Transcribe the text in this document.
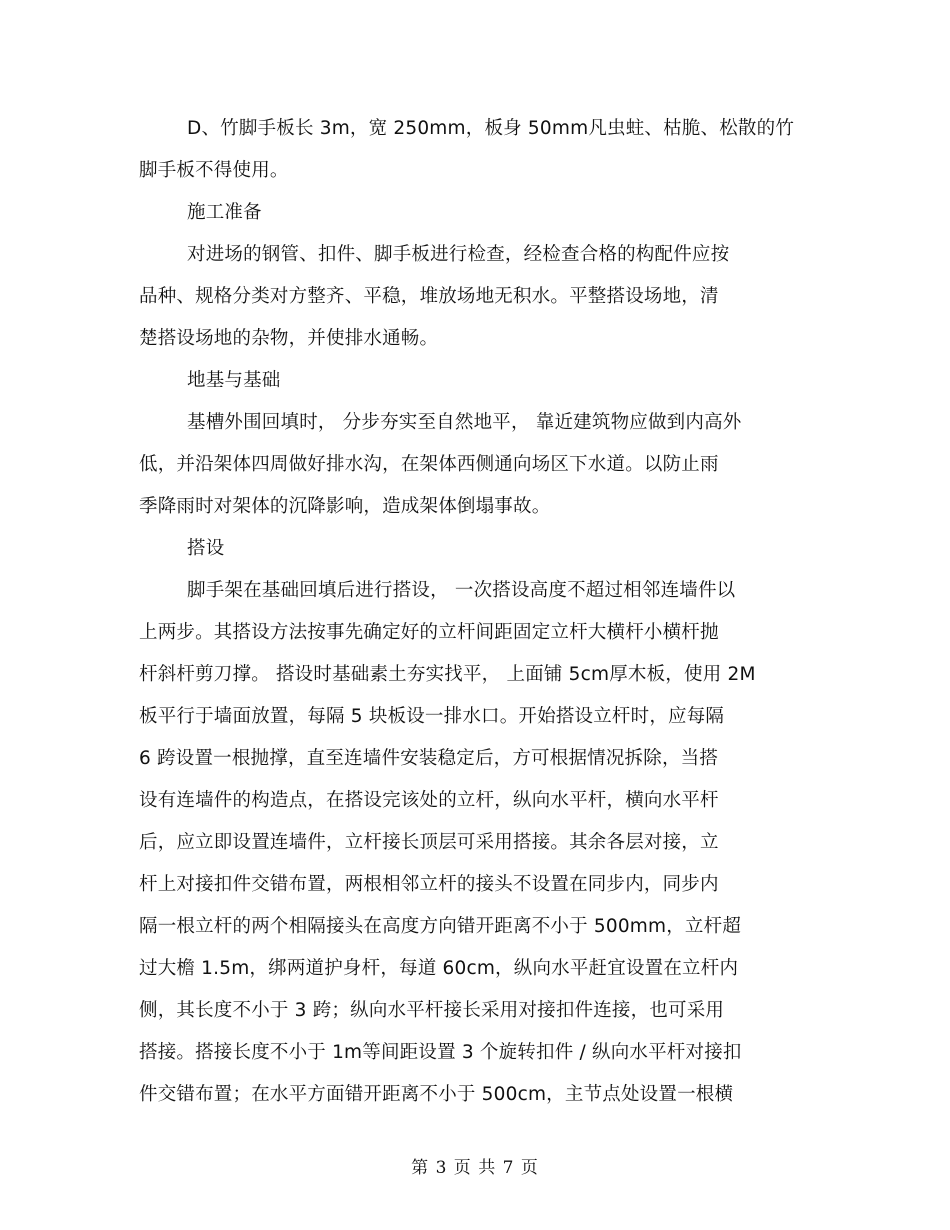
D、竹脚手板长 3m，宽 250mm，板身 50mm凡虫蛀、枯脆、松散的竹
脚手板不得使用。
施工准备
对进场的钢管、扣件、脚手板进行检查，经检查合格的构配件应按
品种、规格分类对方整齐、平稳，堆放场地无积水。平整搭设场地，清
楚搭设场地的杂物，并使排水通畅。
地基与基础
基槽外围回填时， 分步夯实至自然地平， 靠近建筑物应做到内高外
低，并沿架体四周做好排水沟，在架体西侧通向场区下水道。以防止雨
季降雨时对架体的沉降影响，造成架体倒塌事故。
搭设
脚手架在基础回填后进行搭设， 一次搭设高度不超过相邻连墙件以
上两步。其搭设方法按事先确定好的立杆间距固定立杆大横杆小横杆抛
杆斜杆剪刀撑。 搭设时基础素土夯实找平， 上面铺 5cm厚木板，使用 2M
板平行于墙面放置，每隔 5 块板设一排水口。开始搭设立杆时，应每隔
6 跨设置一根抛撑，直至连墙件安装稳定后，方可根据情况拆除，当搭
设有连墙件的构造点，在搭设完该处的立杆，纵向水平杆，横向水平杆
后，应立即设置连墙件，立杆接长顶层可采用搭接。其余各层对接，立
杆上对接扣件交错布置，两根相邻立杆的接头不设置在同步内，同步内
隔一根立杆的两个相隔接头在高度方向错开距离不小于 500mm，立杆超
过大檐 1.5m，绑两道护身杆，每道 60cm，纵向水平赶宜设置在立杆内
侧，其长度不小于 3 跨；纵向水平杆接长采用对接扣件连接，也可采用
搭接。搭接长度不小于 1m等间距设置 3 个旋转扣件 / 纵向水平杆对接扣
件交错布置；在水平方面错开距离不小于 500cm，主节点处设置一根横
第 3 页 共 7 页
